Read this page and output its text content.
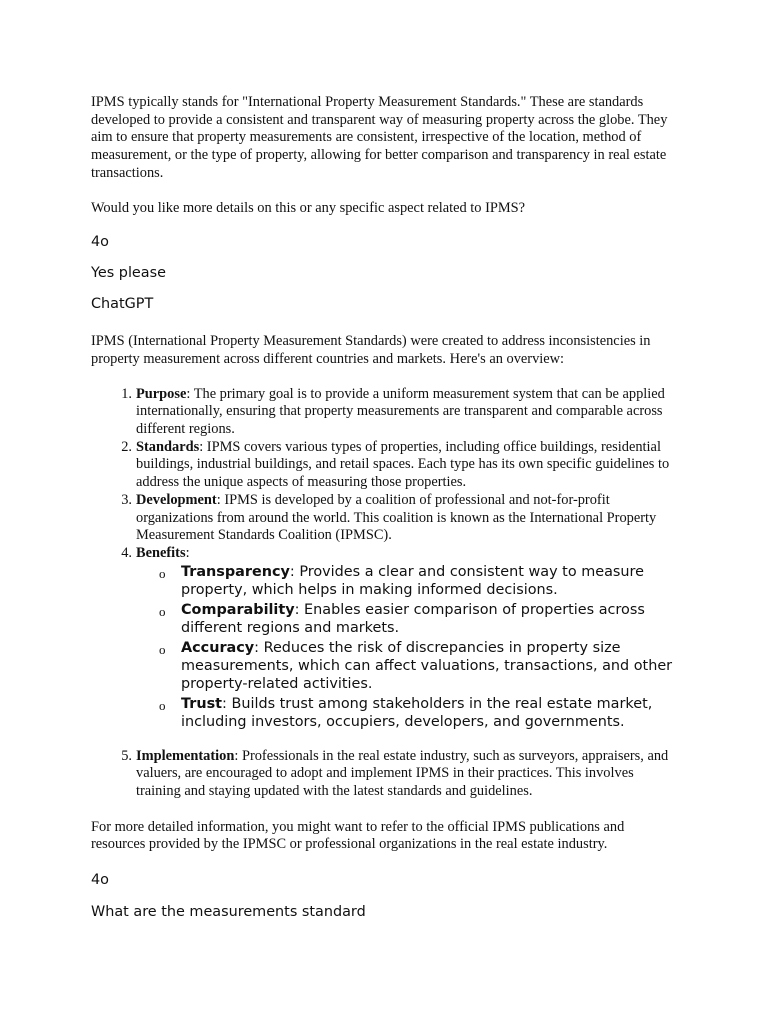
IPMS typically stands for "International Property Measurement Standards." These are standards developed to provide a consistent and transparent way of measuring property across the globe. They aim to ensure that property measurements are consistent, irrespective of the location, method of measurement, or the type of property, allowing for better comparison and transparency in real estate transactions.

Would you like more details on this or any specific aspect related to IPMS?

4o

Yes please

ChatGPT

IPMS (International Property Measurement Standards) were created to address inconsistencies in property measurement across different countries and markets. Here's an overview:

1. Purpose: The primary goal is to provide a uniform measurement system that can be applied internationally, ensuring that property measurements are transparent and comparable across different regions.
2. Standards: IPMS covers various types of properties, including office buildings, residential buildings, industrial buildings, and retail spaces. Each type has its own specific guidelines to address the unique aspects of measuring those properties.
3. Development: IPMS is developed by a coalition of professional and not-for-profit organizations from around the world. This coalition is known as the International Property Measurement Standards Coalition (IPMSC).
4. Benefits:
o Transparency: Provides a clear and consistent way to measure property, which helps in making informed decisions.
o Comparability: Enables easier comparison of properties across different regions and markets.
o Accuracy: Reduces the risk of discrepancies in property size measurements, which can affect valuations, transactions, and other property-related activities.
o Trust: Builds trust among stakeholders in the real estate market, including investors, occupiers, developers, and governments.
5. Implementation: Professionals in the real estate industry, such as surveyors, appraisers, and valuers, are encouraged to adopt and implement IPMS in their practices. This involves training and staying updated with the latest standards and guidelines.

For more detailed information, you might want to refer to the official IPMS publications and resources provided by the IPMSC or professional organizations in the real estate industry.

4o

What are the measurements standard
